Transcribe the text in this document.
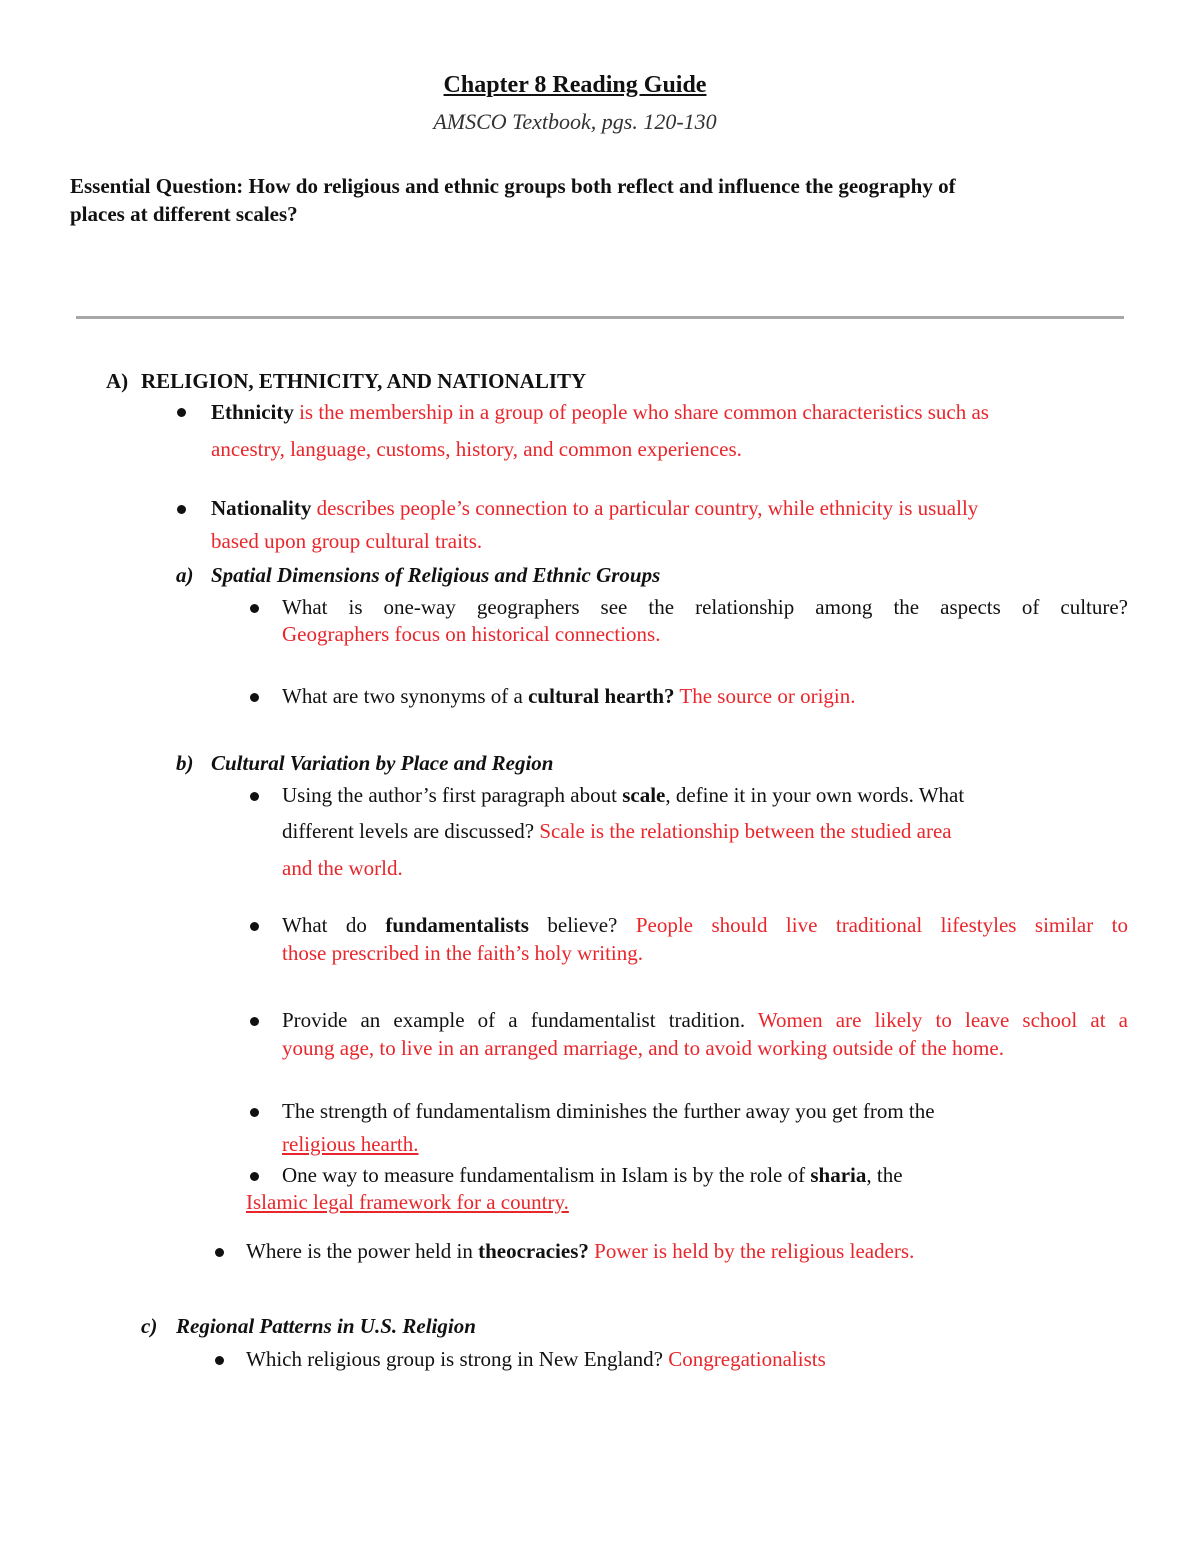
Chapter 8 Reading Guide
AMSCO Textbook, pgs. 120-130
Essential Question: How do religious and ethnic groups both reflect and influence the geography of
places at different scales?
A) RELIGION, ETHNICITY, AND NATIONALITY
Ethnicity is the membership in a group of people who share common characteristics such as
ancestry, language, customs, history, and common experiences.
Nationality describes people’s connection to a particular country, while ethnicity is usually
based upon group cultural traits.
a) Spatial Dimensions of Religious and Ethnic Groups
What is one-way geographers see the relationship among the aspects of culture?
Geographers focus on historical connections.
What are two synonyms of a cultural hearth? The source or origin.
b) Cultural Variation by Place and Region
Using the author’s first paragraph about scale, define it in your own words. What
different levels are discussed? Scale is the relationship between the studied area
and the world.
What do fundamentalists believe? People should live traditional lifestyles similar to
those prescribed in the faith’s holy writing.
Provide an example of a fundamentalist tradition. Women are likely to leave school at a
young age, to live in an arranged marriage, and to avoid working outside of the home.
The strength of fundamentalism diminishes the further away you get from the
religious hearth.
One way to measure fundamentalism in Islam is by the role of sharia, the
Islamic legal framework for a country.
Where is the power held in theocracies? Power is held by the religious leaders.
c) Regional Patterns in U.S. Religion
Which religious group is strong in New England? Congregationalists
